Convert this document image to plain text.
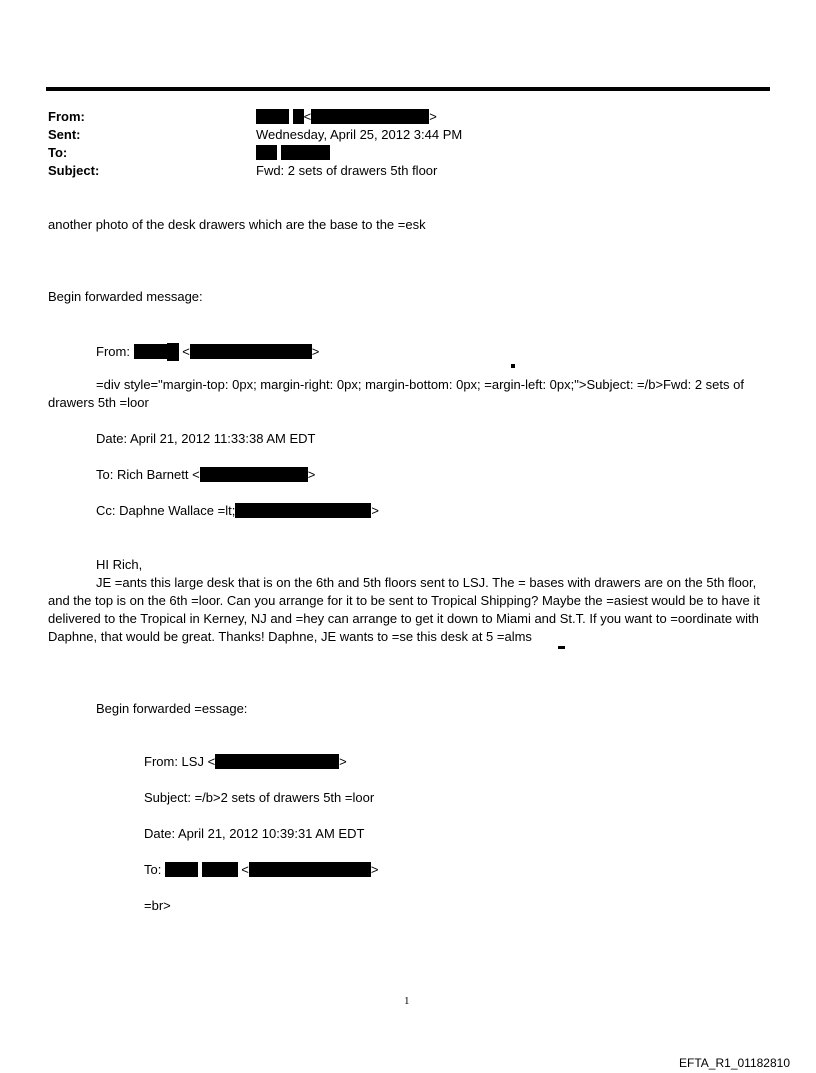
From:	<	>
Sent:	Wednesday, April 25, 2012 3:44 PM
To:

Subject:	Fwd: 2 sets of drawers 5th floor
another photo of the desk drawers which are the base to the =esk
Begin forwarded message:
From:	<	>
=div style="margin-top: 0px; margin-right: 0px; margin-bottom: 0px; =argin-left: 0px;">Subject: =/b>Fwd: 2 sets of drawers 5th =loor
Date: April 21, 2012 11:33:38 AM EDT
To: Rich Barnett <	>
Cc: Daphne Wallace =lt;	>
HI Rich,
JE =ants this large desk that is on the 6th and 5th floors sent to LSJ. The = bases with drawers are on the 5th floor, and the top is on the 6th =loor. Can you arrange for it to be sent to Tropical Shipping? Maybe the =asiest would be to have it delivered to the Tropical in Kerney, NJ and =hey can arrange to get it down to Miami and St.T. If you want to =oordinate with Daphne, that would be great. Thanks! Daphne, JE wants to =se this desk at 5 =alms
Begin forwarded =essage:
From: LSJ <	>
Subject: =/b>2 sets of drawers 5th =loor
Date: April 21, 2012 10:39:31 AM EDT
To:	<	>
=br>
1
EFTA_R1_01182810
